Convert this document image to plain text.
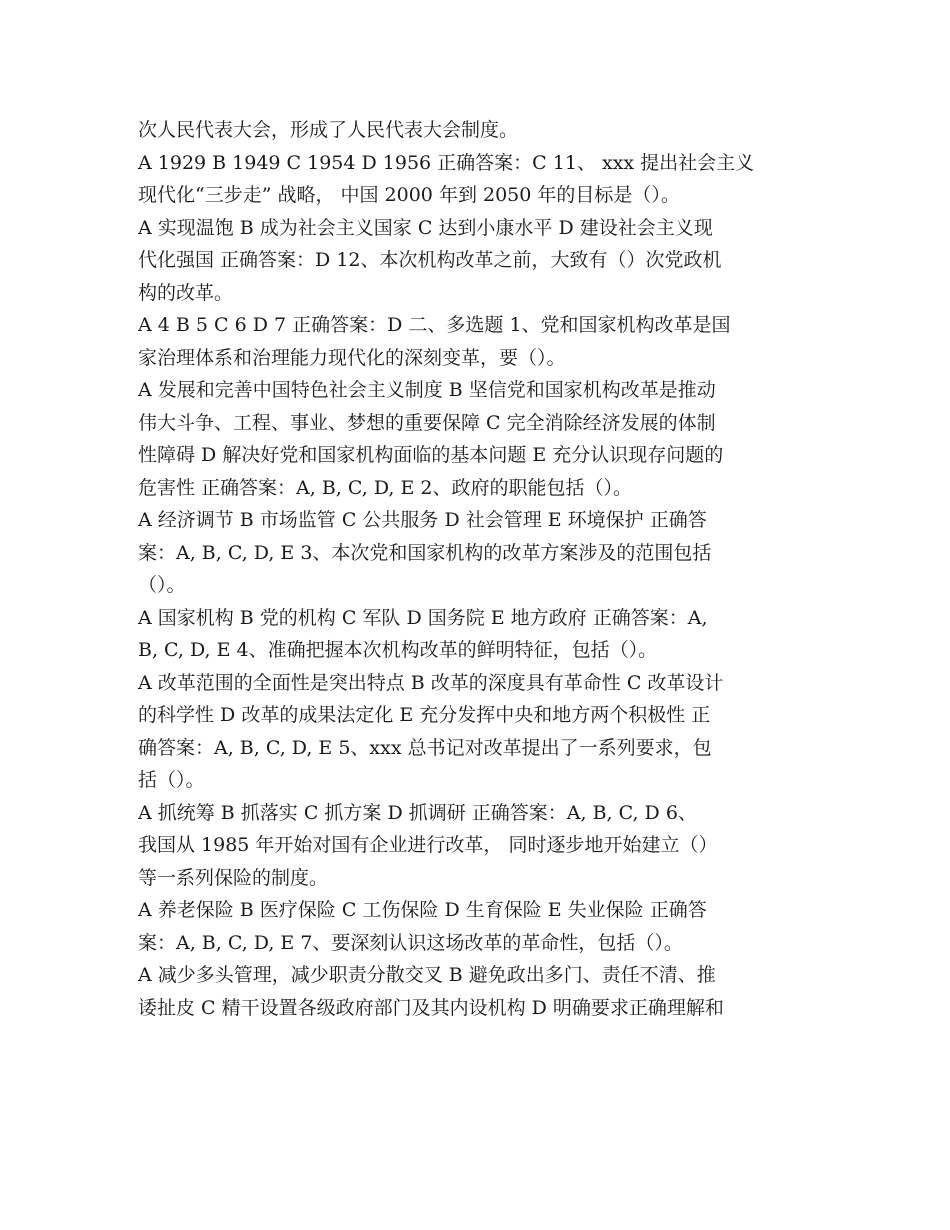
次人民代表大会，形成了人民代表大会制度。
A 1929 B 1949 C 1954 D 1956 正确答案：C 11、 xxx 提出社会主义
现代化“三步走” 战略， 中国 2000 年到 2050 年的目标是（）。
A 实现温饱 B 成为社会主义国家 C 达到小康水平 D 建设社会主义现
代化强国 正确答案：D 12、本次机构改革之前，大致有（）次党政机
构的改革。
A 4 B 5 C 6 D 7 正确答案：D 二、多选题 1、党和国家机构改革是国
家治理体系和治理能力现代化的深刻变革，要（）。
A 发展和完善中国特色社会主义制度 B 坚信党和国家机构改革是推动
伟大斗争、工程、事业、梦想的重要保障 C 完全消除经济发展的体制
性障碍 D 解决好党和国家机构面临的基本问题 E 充分认识现存问题的
危害性 正确答案：A, B, C, D, E 2、政府的职能包括（）。
A 经济调节 B 市场监管 C 公共服务 D 社会管理 E 环境保护 正确答
案：A, B, C, D, E 3、本次党和国家机构的改革方案涉及的范围包括
（）。
A 国家机构 B 党的机构 C 军队 D 国务院 E 地方政府 正确答案：A,
B, C, D, E 4、准确把握本次机构改革的鲜明特征，包括（）。
A 改革范围的全面性是突出特点 B 改革的深度具有革命性 C 改革设计
的科学性 D 改革的成果法定化 E 充分发挥中央和地方两个积极性 正
确答案：A, B, C, D, E 5、xxx 总书记对改革提出了一系列要求，包
括（）。
A 抓统筹 B 抓落实 C 抓方案 D 抓调研 正确答案：A, B, C, D 6、
我国从 1985 年开始对国有企业进行改革， 同时逐步地开始建立（）
等一系列保险的制度。
A 养老保险 B 医疗保险 C 工伤保险 D 生育保险 E 失业保险 正确答
案：A, B, C, D, E 7、要深刻认识这场改革的革命性，包括（）。
A 减少多头管理，减少职责分散交叉 B 避免政出多门、责任不清、推
诿扯皮 C 精干设置各级政府部门及其内设机构 D 明确要求正确理解和
